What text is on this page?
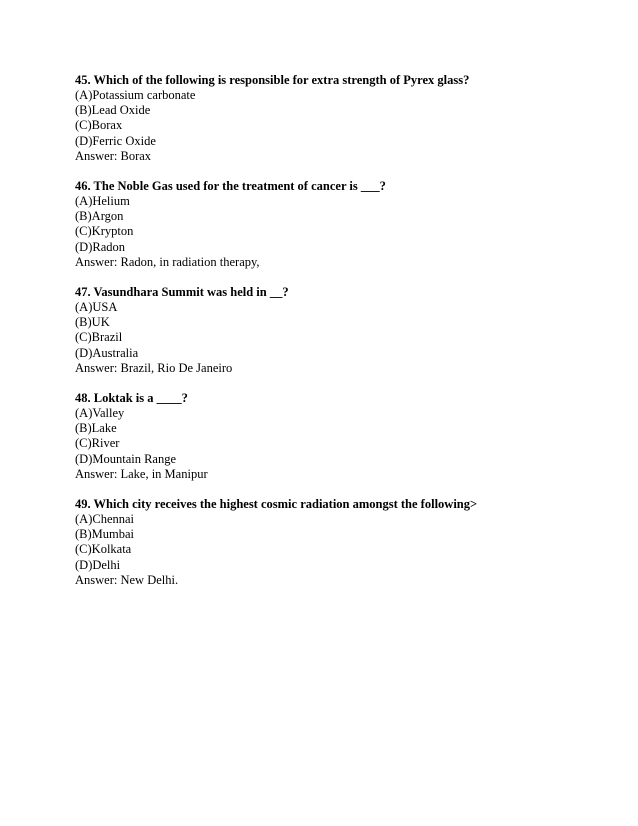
45. Which of the following is responsible for extra strength of Pyrex glass?
(A)Potassium carbonate
(B)Lead Oxide
(C)Borax
(D)Ferric Oxide
Answer: Borax
46. The Noble Gas used for the treatment of cancer is ___?
(A)Helium
(B)Argon
(C)Krypton
(D)Radon
Answer: Radon, in radiation therapy,
47. Vasundhara Summit was held in __?
(A)USA
(B)UK
(C)Brazil
(D)Australia
Answer: Brazil, Rio De Janeiro
48. Loktak is a ____?
(A)Valley
(B)Lake
(C)River
(D)Mountain Range
Answer: Lake, in Manipur
49. Which city receives the highest cosmic radiation amongst the following>
(A)Chennai
(B)Mumbai
(C)Kolkata
(D)Delhi
Answer: New Delhi.
